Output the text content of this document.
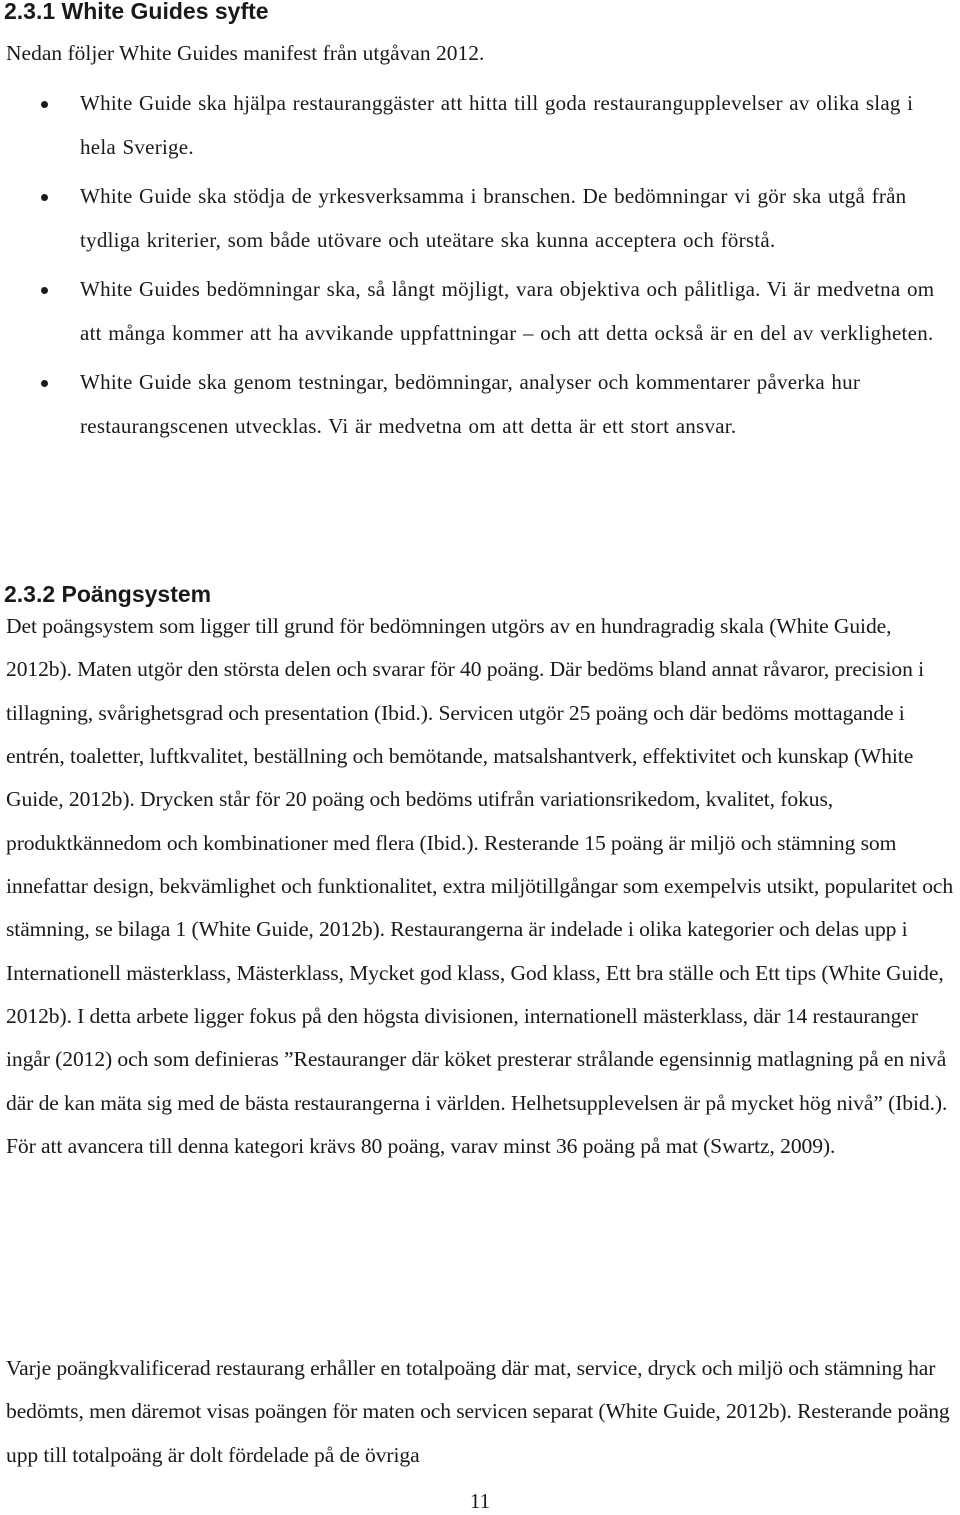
2.3.1 White Guides syfte

Nedan följer White Guides manifest från utgåvan 2012.

White Guide ska hjälpa restauranggäster att hitta till goda restaurangupplevelser av olika slag i hela Sverige.
White Guide ska stödja de yrkesverksamma i branschen. De bedömningar vi gör ska utgå från tydliga kriterier, som både utövare och uteätare ska kunna acceptera och förstå.
White Guides bedömningar ska, så långt möjligt, vara objektiva och pålitliga. Vi är medvetna om att många kommer att ha avvikande uppfattningar – och att detta också är en del av verkligheten.
White Guide ska genom testningar, bedömningar, analyser och kommentarer påverka hur restaurangscenen utvecklas. Vi är medvetna om att detta är ett stort ansvar.
2.3.2 Poängsystem

Det poängsystem som ligger till grund för bedömningen utgörs av en hundragradig skala (White Guide, 2012b). Maten utgör den största delen och svarar för 40 poäng. Där bedöms bland annat råvaror, precision i tillagning, svårighetsgrad och presentation (Ibid.). Servicen utgör 25 poäng och där bedöms mottagande i entrén, toaletter, luftkvalitet, beställning och bemötande, matsalshantverk, effektivitet och kunskap (White Guide, 2012b). Drycken står för 20 poäng och bedöms utifrån variationsrikedom, kvalitet, fokus, produktkännedom och kombinationer med flera (Ibid.). Resterande 15 poäng är miljö och stämning som innefattar design, bekvämlighet och funktionalitet, extra miljötillgångar som exempelvis utsikt, popularitet och stämning, se bilaga 1 (White Guide, 2012b). Restaurangerna är indelade i olika kategorier och delas upp i Internationell mästerklass, Mästerklass, Mycket god klass, God klass, Ett bra ställe och Ett tips (White Guide, 2012b). I detta arbete ligger fokus på den högsta divisionen, internationell mästerklass, där 14 restauranger ingår (2012) och som definieras ”Restauranger där köket presterar strålande egensinnig matlagning på en nivå där de kan mäta sig med de bästa restaurangerna i världen. Helhetsupplevelsen är på mycket hög nivå” (Ibid.). För att avancera till denna kategori krävs 80 poäng, varav minst 36 poäng på mat (Swartz, 2009).

Varje poängkvalificerad restaurang erhåller en totalpoäng där mat, service, dryck och miljö och stämning har bedömts, men däremot visas poängen för maten och servicen separat (White Guide, 2012b). Resterande poäng upp till totalpoäng är dolt fördelade på de övriga

11
